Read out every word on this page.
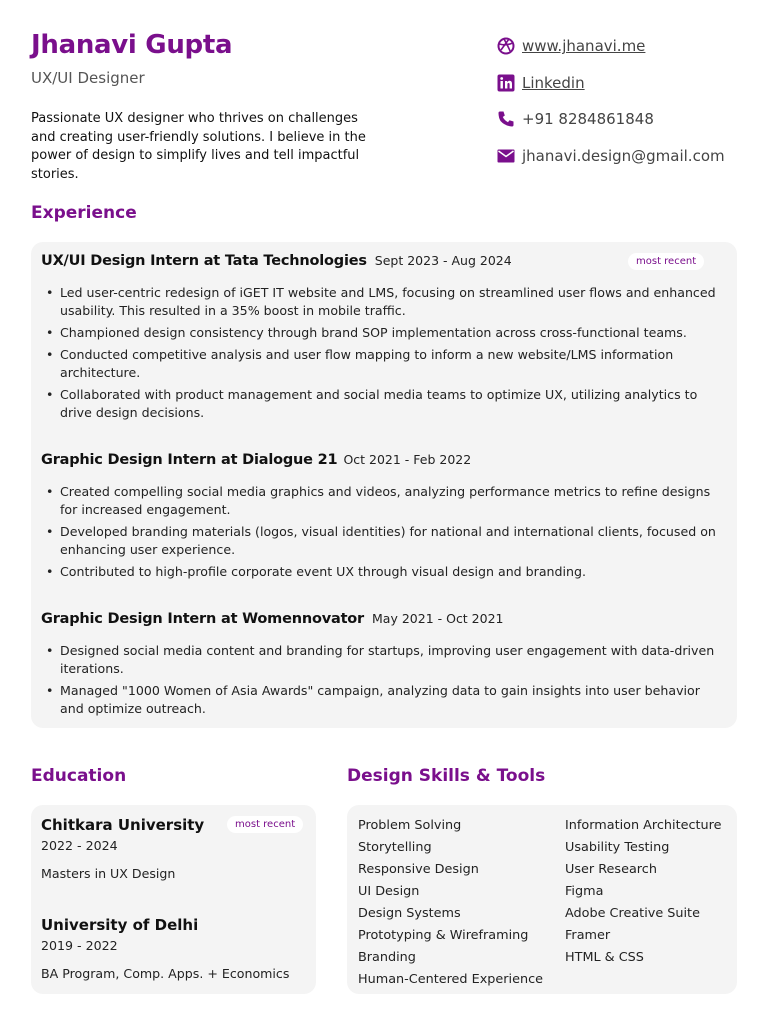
Jhanavi Gupta
UX/UI Designer
Passionate UX designer who thrives on challenges and creating user-friendly solutions. I believe in the power of design to simplify lives and tell impactful stories.
www.jhanavi.me
Linkedin
+91 8284861848
jhanavi.design@gmail.com
Experience
UX/UI Design Intern at Tata Technologies Sept 2023 - Aug 2024	most recent
• Led user-centric redesign of iGET IT website and LMS, focusing on streamlined user flows and enhanced usability. This resulted in a 35% boost in mobile traffic.
• Championed design consistency through brand SOP implementation across cross-functional teams.
• Conducted competitive analysis and user flow mapping to inform a new website/LMS information architecture.
• Collaborated with product management and social media teams to optimize UX, utilizing analytics to drive design decisions.
Graphic Design Intern at Dialogue 21 Oct 2021 - Feb 2022
• Created compelling social media graphics and videos, analyzing performance metrics to refine designs for increased engagement.
• Developed branding materials (logos, visual identities) for national and international clients, focused on enhancing user experience.
• Contributed to high-profile corporate event UX through visual design and branding.
Graphic Design Intern at Womennovator May 2021 - Oct 2021
• Designed social media content and branding for startups, improving user engagement with data-driven iterations.
• Managed "1000 Women of Asia Awards" campaign, analyzing data to gain insights into user behavior and optimize outreach.
Education
Chitkara University	most recent
2022 - 2024
Masters in UX Design
University of Delhi
2019 - 2022
BA Program, Comp. Apps. + Economics
Design Skills & Tools
Problem Solving
Storytelling
Responsive Design
UI Design
Design Systems
Prototyping & Wireframing
Branding
Human-Centered Experience
Information Architecture
Usability Testing
User Research
Figma
Adobe Creative Suite
Framer
HTML & CSS
